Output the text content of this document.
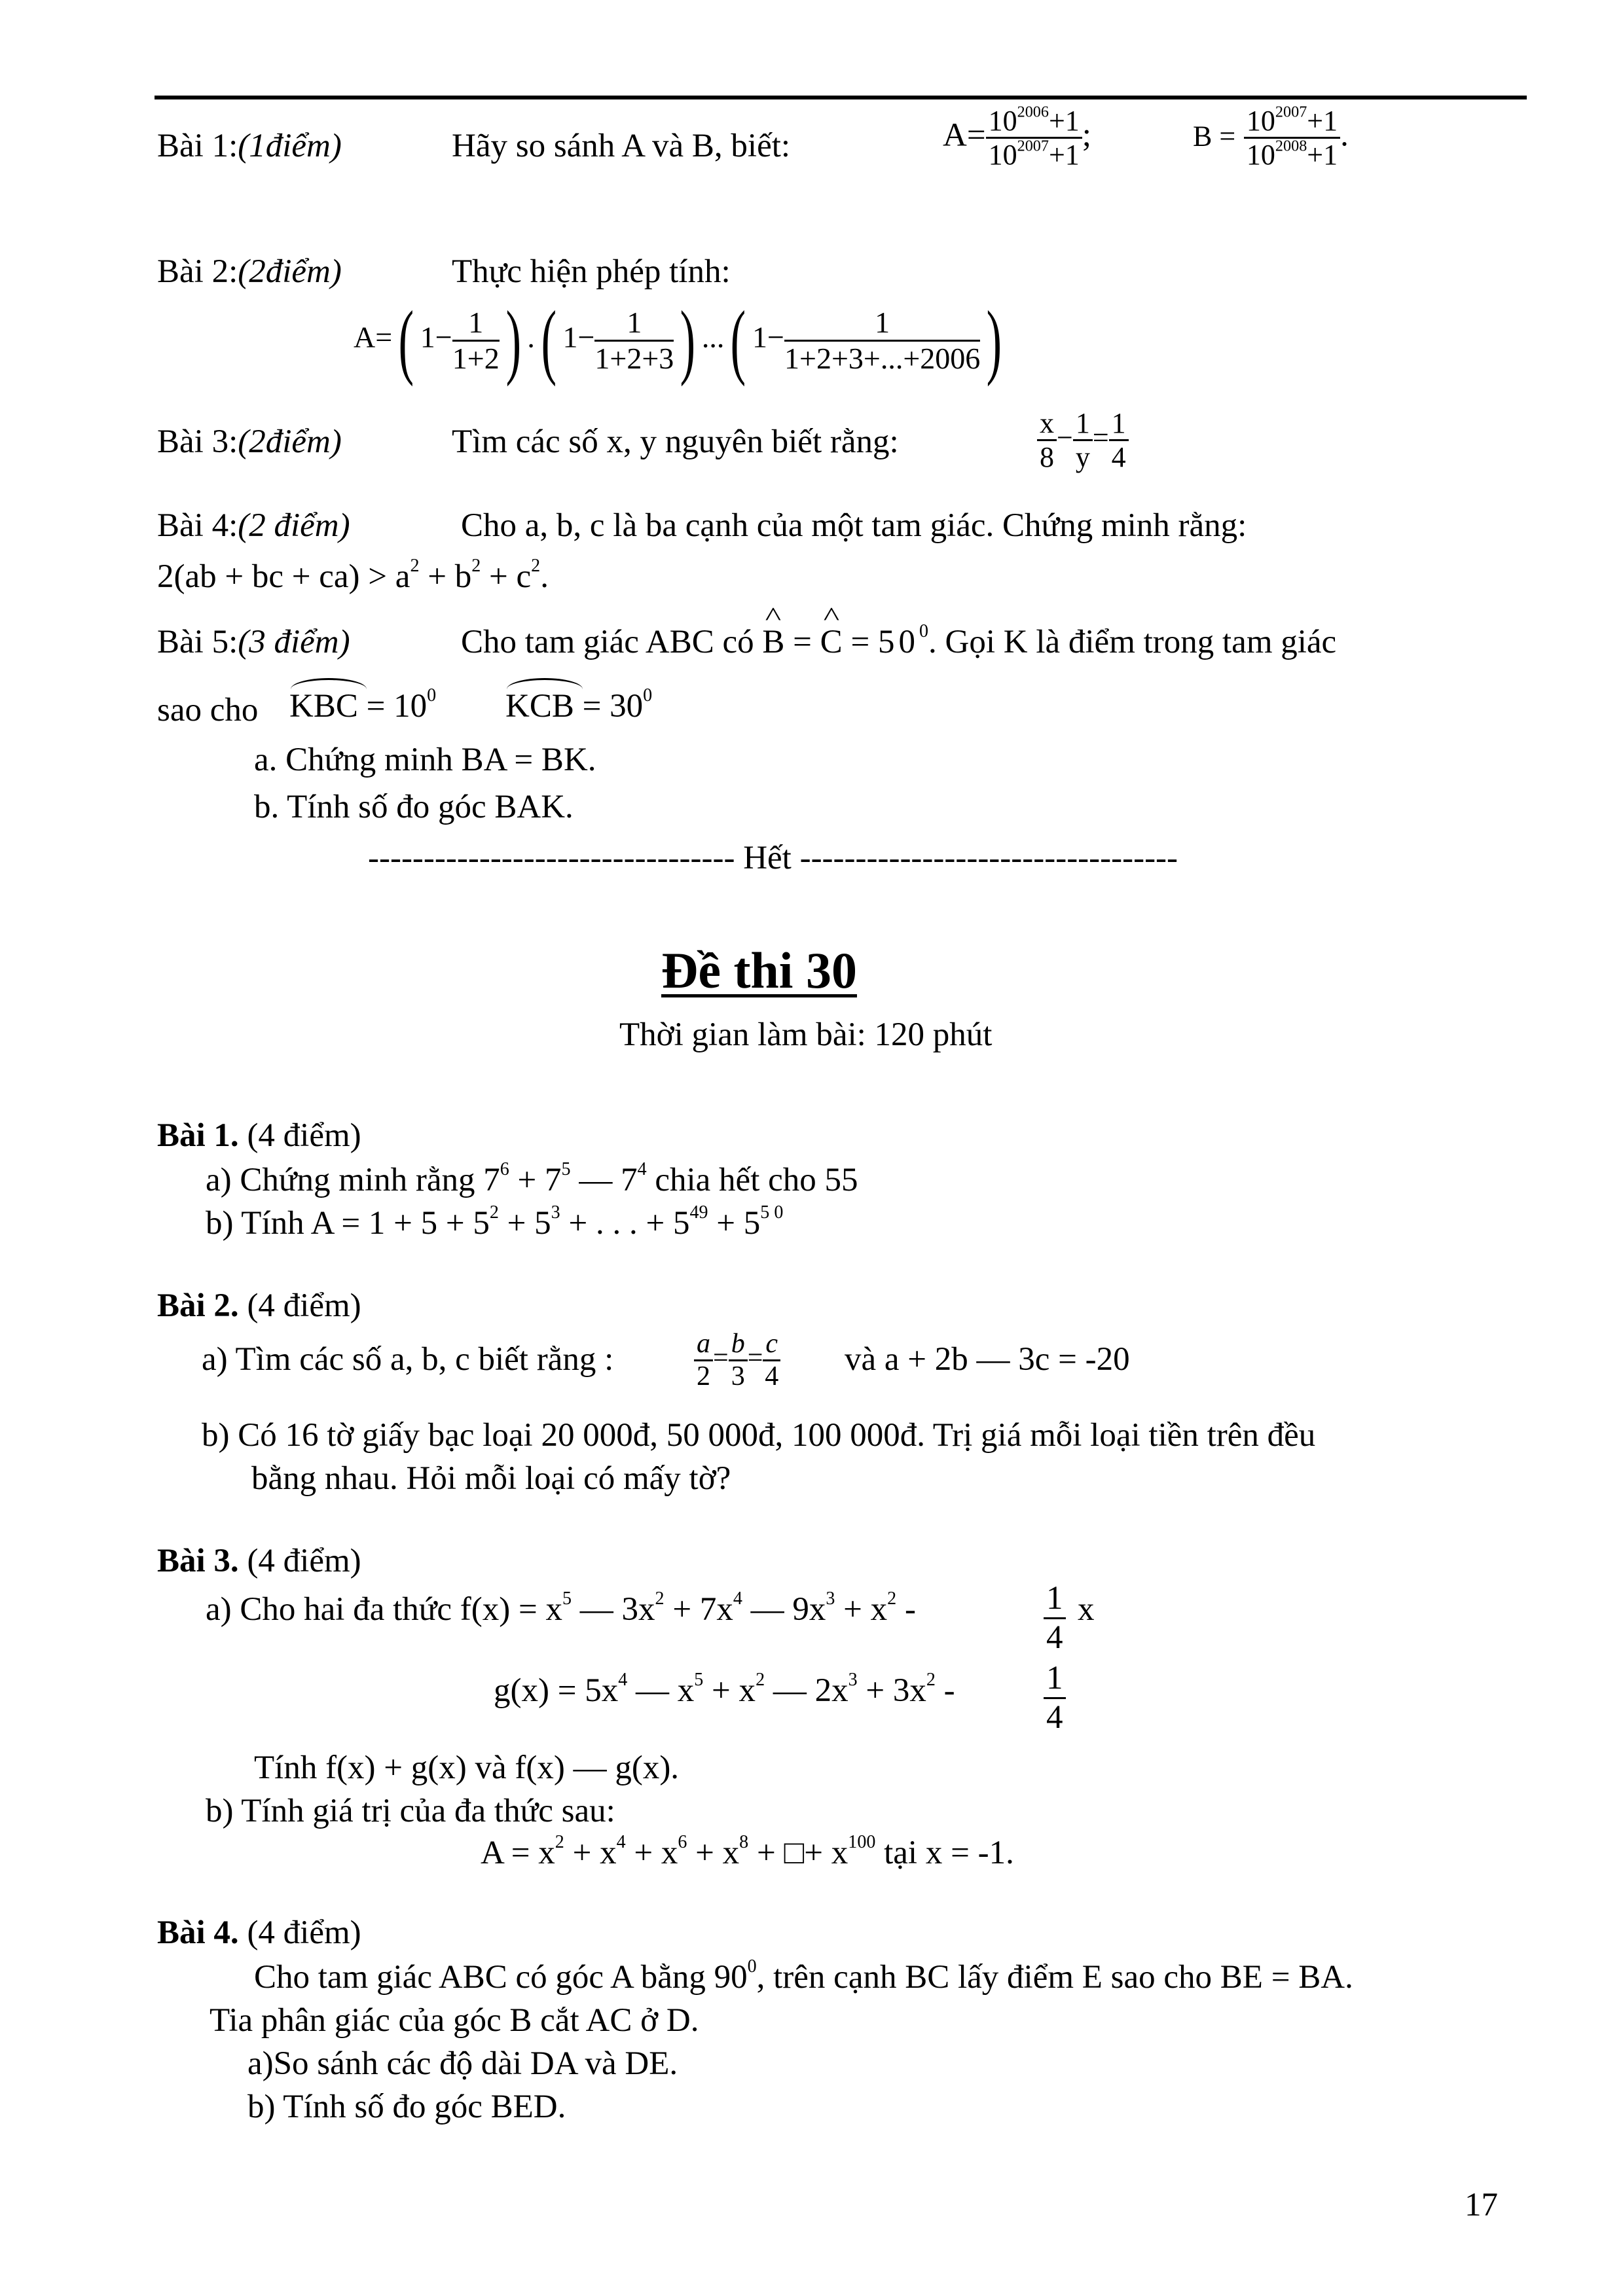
Bài 1:(1điểm)	Hãy so sánh A và B, biết:	$A= \frac{10^{2006}+1}{10^{2007}+1}$ ;	$B = \frac{10^{2007}+1}{10^{2008}+1}$ .
Bài 2:(2điểm)	Thực hiện phép tính:
A=( $1- \frac{1}{1+2}$ ) .( $1- \frac{1}{1+2+3}$ ) ...( $1- \frac{1}{1+2+3+...+2006}$ )
Bài 3:(2điểm)	Tìm các số x, y nguyên biết rằng:	$\frac{x}{8} - \frac{1}{y} = \frac{1}{4}$
Bài 4:(2 điểm)	Cho a, b, c là ba cạnh của một tam giác. Chứng minh rằng:
2(ab + bc + $ca) > a^2 + b^2 + c^2$.
Bài 5:(3 điểm)	Cho tam giác ABC có ^ B = ^ $C = 50^0$. Gọi K là điểm trong tam giác
sao cho KBC = $10^0$ KCB = $30^0$
a. Chứng minh BA = BK.
b. Tính số đo góc BAK.
--------------------------------- Hết ----------------------------------
Đề thi 30
Thời gian làm bài: 120 phút
Bài 1. (4 điểm)
a) Chứng minh rằng $7^6 + 7^5$ — $7^4$ chia hết cho 55
b) Tính $A = 1 + 5 + 5^2 + 5^3$ + . . . + $5^{49} + 5^{5 0}$
Bài 2. (4 điểm)
a) Tìm các số a, b, c biết rằng :	$\frac{a}{2} = \frac{b}{3} = \frac{c}{4}$ và a + 2b — 3c = -20
b) Có 16 tờ giấy bạc loại 20 000đ, 50 000đ, 100 000đ. Trị giá mỗi loại tiền trên đều
bằng nhau. Hỏi mỗi loại có mấy tờ?
Bài 3. (4 điểm)
a) Cho hai đa thức $f(x) = x^5$ — $3x^2 + 7x^4$ — $9x^3 + x^2$ -	$\frac{1}{4}$ x
$g(x) = 5x^4$ — $x^5 + x^2$ — $2x^3 + 3x^2$ -	$\frac{1}{4}$
Tính f(x) + g(x) và f(x) — g(x).
b) Tính giá trị của đa thức sau:
$A = x^2 + x^4 + x^6 + x^8$ + □+ $x^{100}$ tại x = -1.
Bài 4. (4 điểm)
Cho tam giác ABC có góc A bằng $90^0$, trên cạnh BC lấy điểm E sao cho BE = BA.
Tia phân giác của góc B cắt AC ở D.
a)So sánh các độ dài DA và DE.
b) Tính số đo góc BED.
17
